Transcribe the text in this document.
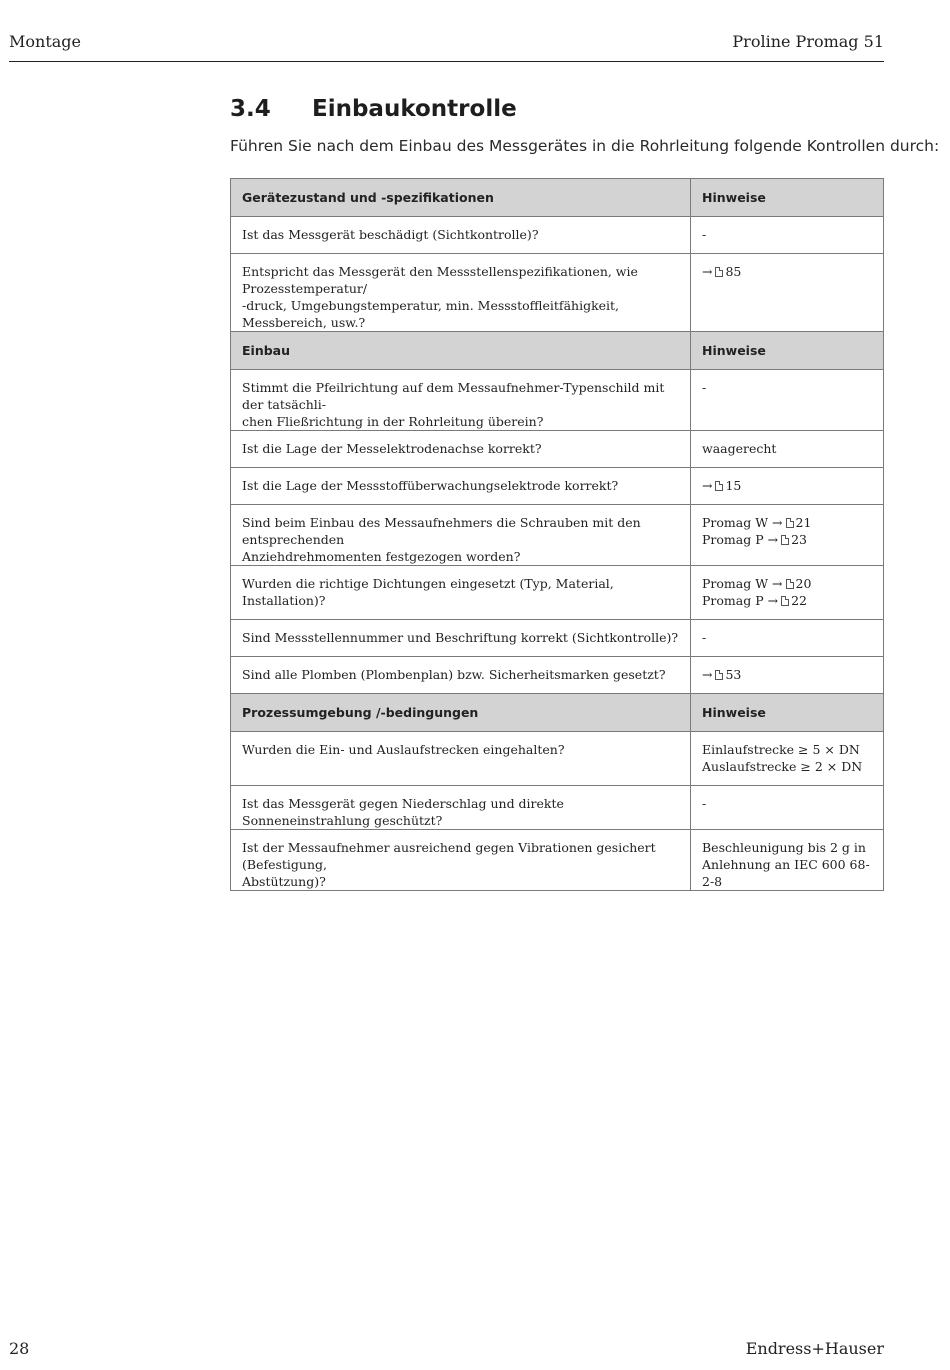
Montage	Proline Promag 51
3.4 Einbaukontrolle
Führen Sie nach dem Einbau des Messgerätes in die Rohrleitung folgende Kontrollen durch:
Gerätezustand und -spezifikationen	Hinweise

Ist das Messgerät beschädigt (Sichtkontrolle)?	-

Entspricht das Messgerät den Messstellenspezifikationen, wie Prozesstemperatur/
-druck, Umgebungstemperatur, min. Messstoffleitfähigkeit, Messbereich, usw.?	→ 85

Einbau	Hinweise

Stimmt die Pfeilrichtung auf dem Messaufnehmer-Typenschild mit der tatsächli-
chen Fließrichtung in der Rohrleitung überein?	-

Ist die Lage der Messelektrodenachse korrekt?	waagerecht

Ist die Lage der Messstoffüberwachungselektrode korrekt?	→ 15

Sind beim Einbau des Messaufnehmers die Schrauben mit den entsprechenden
Anziehdrehmomenten festgezogen worden?	Promag W → 21
Promag P → 23

Wurden die richtige Dichtungen eingesetzt (Typ, Material, Installation)?	Promag W → 20
Promag P → 22

Sind Messstellennummer und Beschriftung korrekt (Sichtkontrolle)?	-

Sind alle Plomben (Plombenplan) bzw. Sicherheitsmarken gesetzt?	→ 53

Prozessumgebung /-bedingungen	Hinweise

Wurden die Ein- und Auslaufstrecken eingehalten?	Einlaufstrecke ≥ 5 × DN
Auslaufstrecke ≥ 2 × DN

Ist das Messgerät gegen Niederschlag und direkte Sonneneinstrahlung geschützt?	-

Ist der Messaufnehmer ausreichend gegen Vibrationen gesichert (Befestigung,
Abstützung)?	Beschleunigung bis 2 g in
Anlehnung an IEC 600 68-2-8
28	Endress+Hauser
